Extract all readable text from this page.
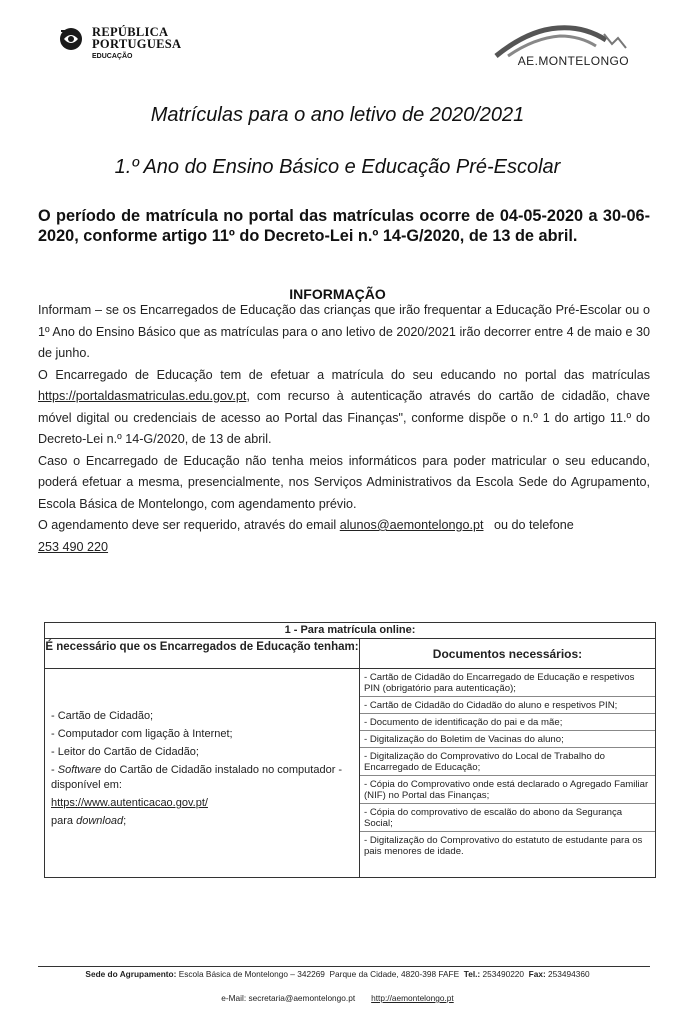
REPÚBLICA
PORTUGUESA
EDUCAÇÃO	AE.MONTELONGO
Matrículas para o ano letivo de 2020/2021
1.º Ano do Ensino Básico e Educação Pré-Escolar
O período de matrícula no portal das matrículas ocorre de 04-05-2020 a 30-06-2020, conforme artigo 11º do Decreto-Lei n.º 14-G/2020, de 13 de abril.
INFORMAÇÃO

Informam – se os Encarregados de Educação das crianças que irão frequentar a Educação Pré-Escolar ou o 1º Ano do Ensino Básico que as matrículas para o ano letivo de 2020/2021 irão decorrer entre 4 de maio e 30 de junho.

O Encarregado de Educação tem de efetuar a matrícula do seu educando no portal das matrículas https://portaldasmatriculas.edu.gov.pt, com recurso à autenticação através do cartão de cidadão, chave móvel digital ou credenciais de acesso ao Portal das Finanças", conforme dispõe o n.º 1 do artigo 11.º do Decreto-Lei n.º 14-G/2020, de 13 de abril.

Caso o Encarregado de Educação não tenha meios informáticos para poder matricular o seu educando, poderá efetuar a mesma, presencialmente, nos Serviços Administrativos da Escola Sede do Agrupamento, Escola Básica de Montelongo, com agendamento prévio.

O agendamento deve ser requerido, através do email alunos@aemontelongo.pt   ou do telefone
253 490 220

1 - Para matrícula online:
É necessário que os Encarregados de Educação tenham:
- Cartão de Cidadão;
- Computador com ligação à Internet;
- Leitor do Cartão de Cidadão;
- Software do Cartão de Cidadão instalado no computador - disponível em:
https://www.autenticacao.gov.pt/
para download;
Documentos necessários:
- Cartão de Cidadão do Encarregado de Educação e respetivos PIN (obrigatório para autenticação);
- Cartão de Cidadão do Cidadão do aluno e respetivos PIN;
- Documento de identificação do pai e da mãe;
- Digitalização do Boletim de Vacinas do aluno;
- Digitalização do Comprovativo do Local de Trabalho do Encarregado de Educação;
- Cópia do Comprovativo onde está declarado o Agregado Familiar (NIF) no Portal das Finanças;
- Cópia do comprovativo de escalão do abono da Segurança Social;
- Digitalização do Comprovativo do estatuto de estudante para os pais menores de idade.
Sede do Agrupamento: Escola Básica de Montelongo – 342269  Parque da Cidade, 4820-398 FAFE  Tel.: 253490220  Fax: 253494360
e-Mail: secretaria@aemontelongo.pt http://aemontelongo.pt
